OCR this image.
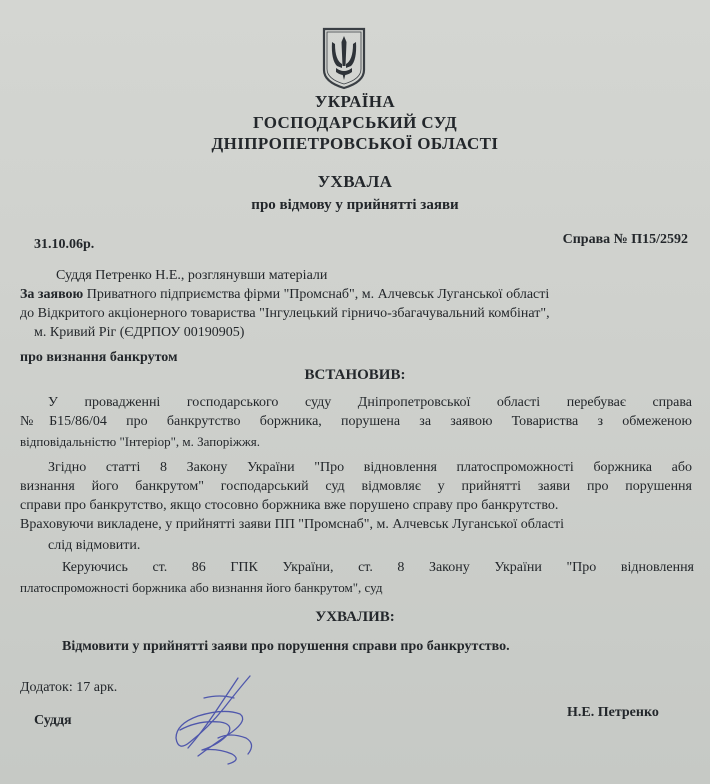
УКРАЇНА
ГОСПОДАРСЬКИЙ СУД
ДНІПРОПЕТРОВСЬКОЇ ОБЛАСТІ
УХВАЛА
про відмову у прийнятті заяви
31.10.06р.	Справа № П15/2592
Суддя Петренко Н.Е., розглянувши матеріали
За заявою Приватного підприємства фірми "Промснаб", м. Алчевськ Луганської області
до Відкритого акціонерного товариства "Інгулецький гірничо-збагачувальний комбінат",
м. Кривий Ріг (ЄДРПОУ 00190905)
про визнання банкрутом
ВСТАНОВИВ:
У провадженні господарського суду Дніпропетровської області перебуває справа
№Б15/86/04 про банкрутство боржника, порушена за заявою Товариства з обмеженою
відповідальністю "Інтеріор", м. Запоріжжя.
Згідно статті 8 Закону України "Про відновлення платоспроможності боржника або
визнання його банкрутом" господарський суд відмовляє у прийнятті заяви про порушення
справи про банкрутство, якщо стосовно боржника вже порушено справу про банкрутство.
Враховуючи викладене, у прийнятті заяви ПП "Промснаб", м. Алчевськ Луганської області
слід відмовити.
Керуючись ст. 86 ГПК України, ст. 8 Закону України "Про відновлення
платоспроможності боржника або визнання його банкрутом", суд
УХВАЛИВ:
Відмовити у прийнятті заяви про порушення справи про банкрутство.
Додаток: 17 арк.
Суддя
Н.Е. Петренко
